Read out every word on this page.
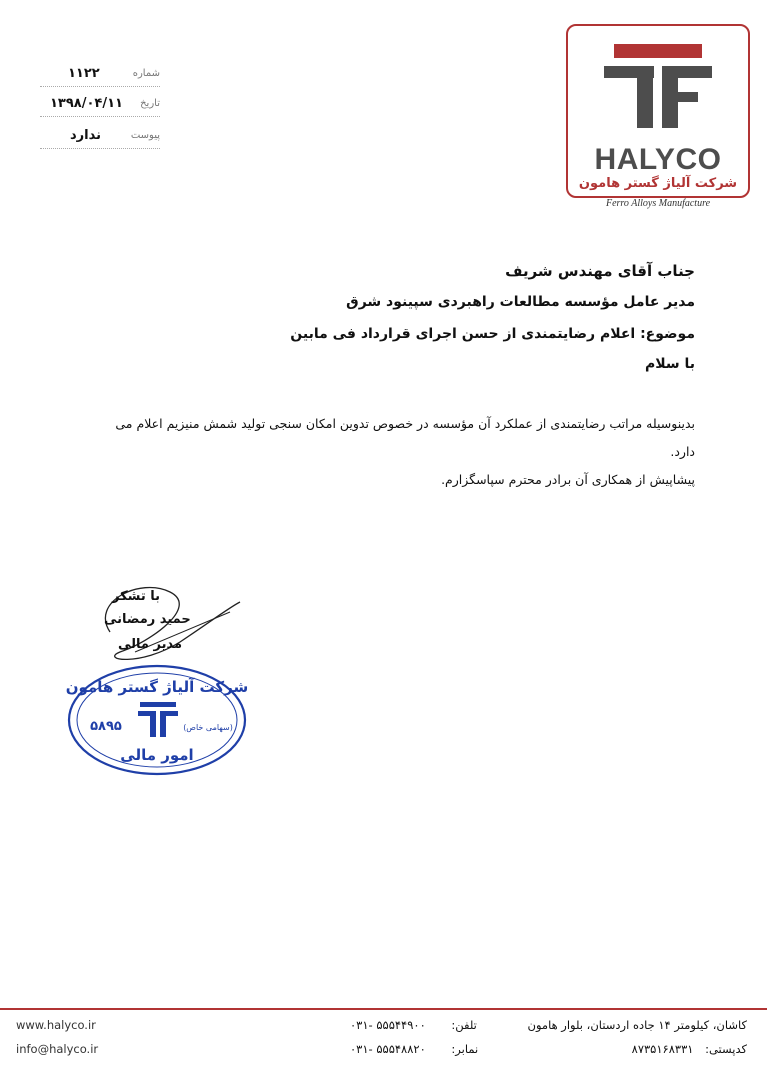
۱۱۲۲	شماره
۱۳۹۸/۰۴/۱۱ تاریخ
ندارد	پیوست
HALYCO
شرکت آلیاژ گستر هامون
Ferro Alloys Manufacture
جناب آقای مهندس شریف
مدیر عامل مؤسسه مطالعات راهبردی سپینود شرق
موضوع: اعلام رضایتمندی از حسن اجرای قرارداد فی مابین
با سلام
بدینوسیله مراتب رضایتمندی از عملکرد آن مؤسسه در خصوص تدوین امکان سنجی تولید شمش منیزیم اعلام می دارد.
پیشاپیش از همکاری آن برادر محترم سپاسگزارم.
شرکت آلیاژ گستر هامون
(سهامی خاص)
۵۸۹۵
امور مالی
با تشکر
حمید رمضانی
مدیر مالی
www.halyco.ir
info@halyco.ir
۰۳۱- ۵۵۵۴۴۹۰۰ تلفن:
۰۳۱- ۵۵۵۴۸۸۲۰ نمابر:
کاشان، کیلومتر ۱۴ جاده اردستان، بلوار هامون
۸۷۳۵۱۶۸۳۳۱ کدپستی:
